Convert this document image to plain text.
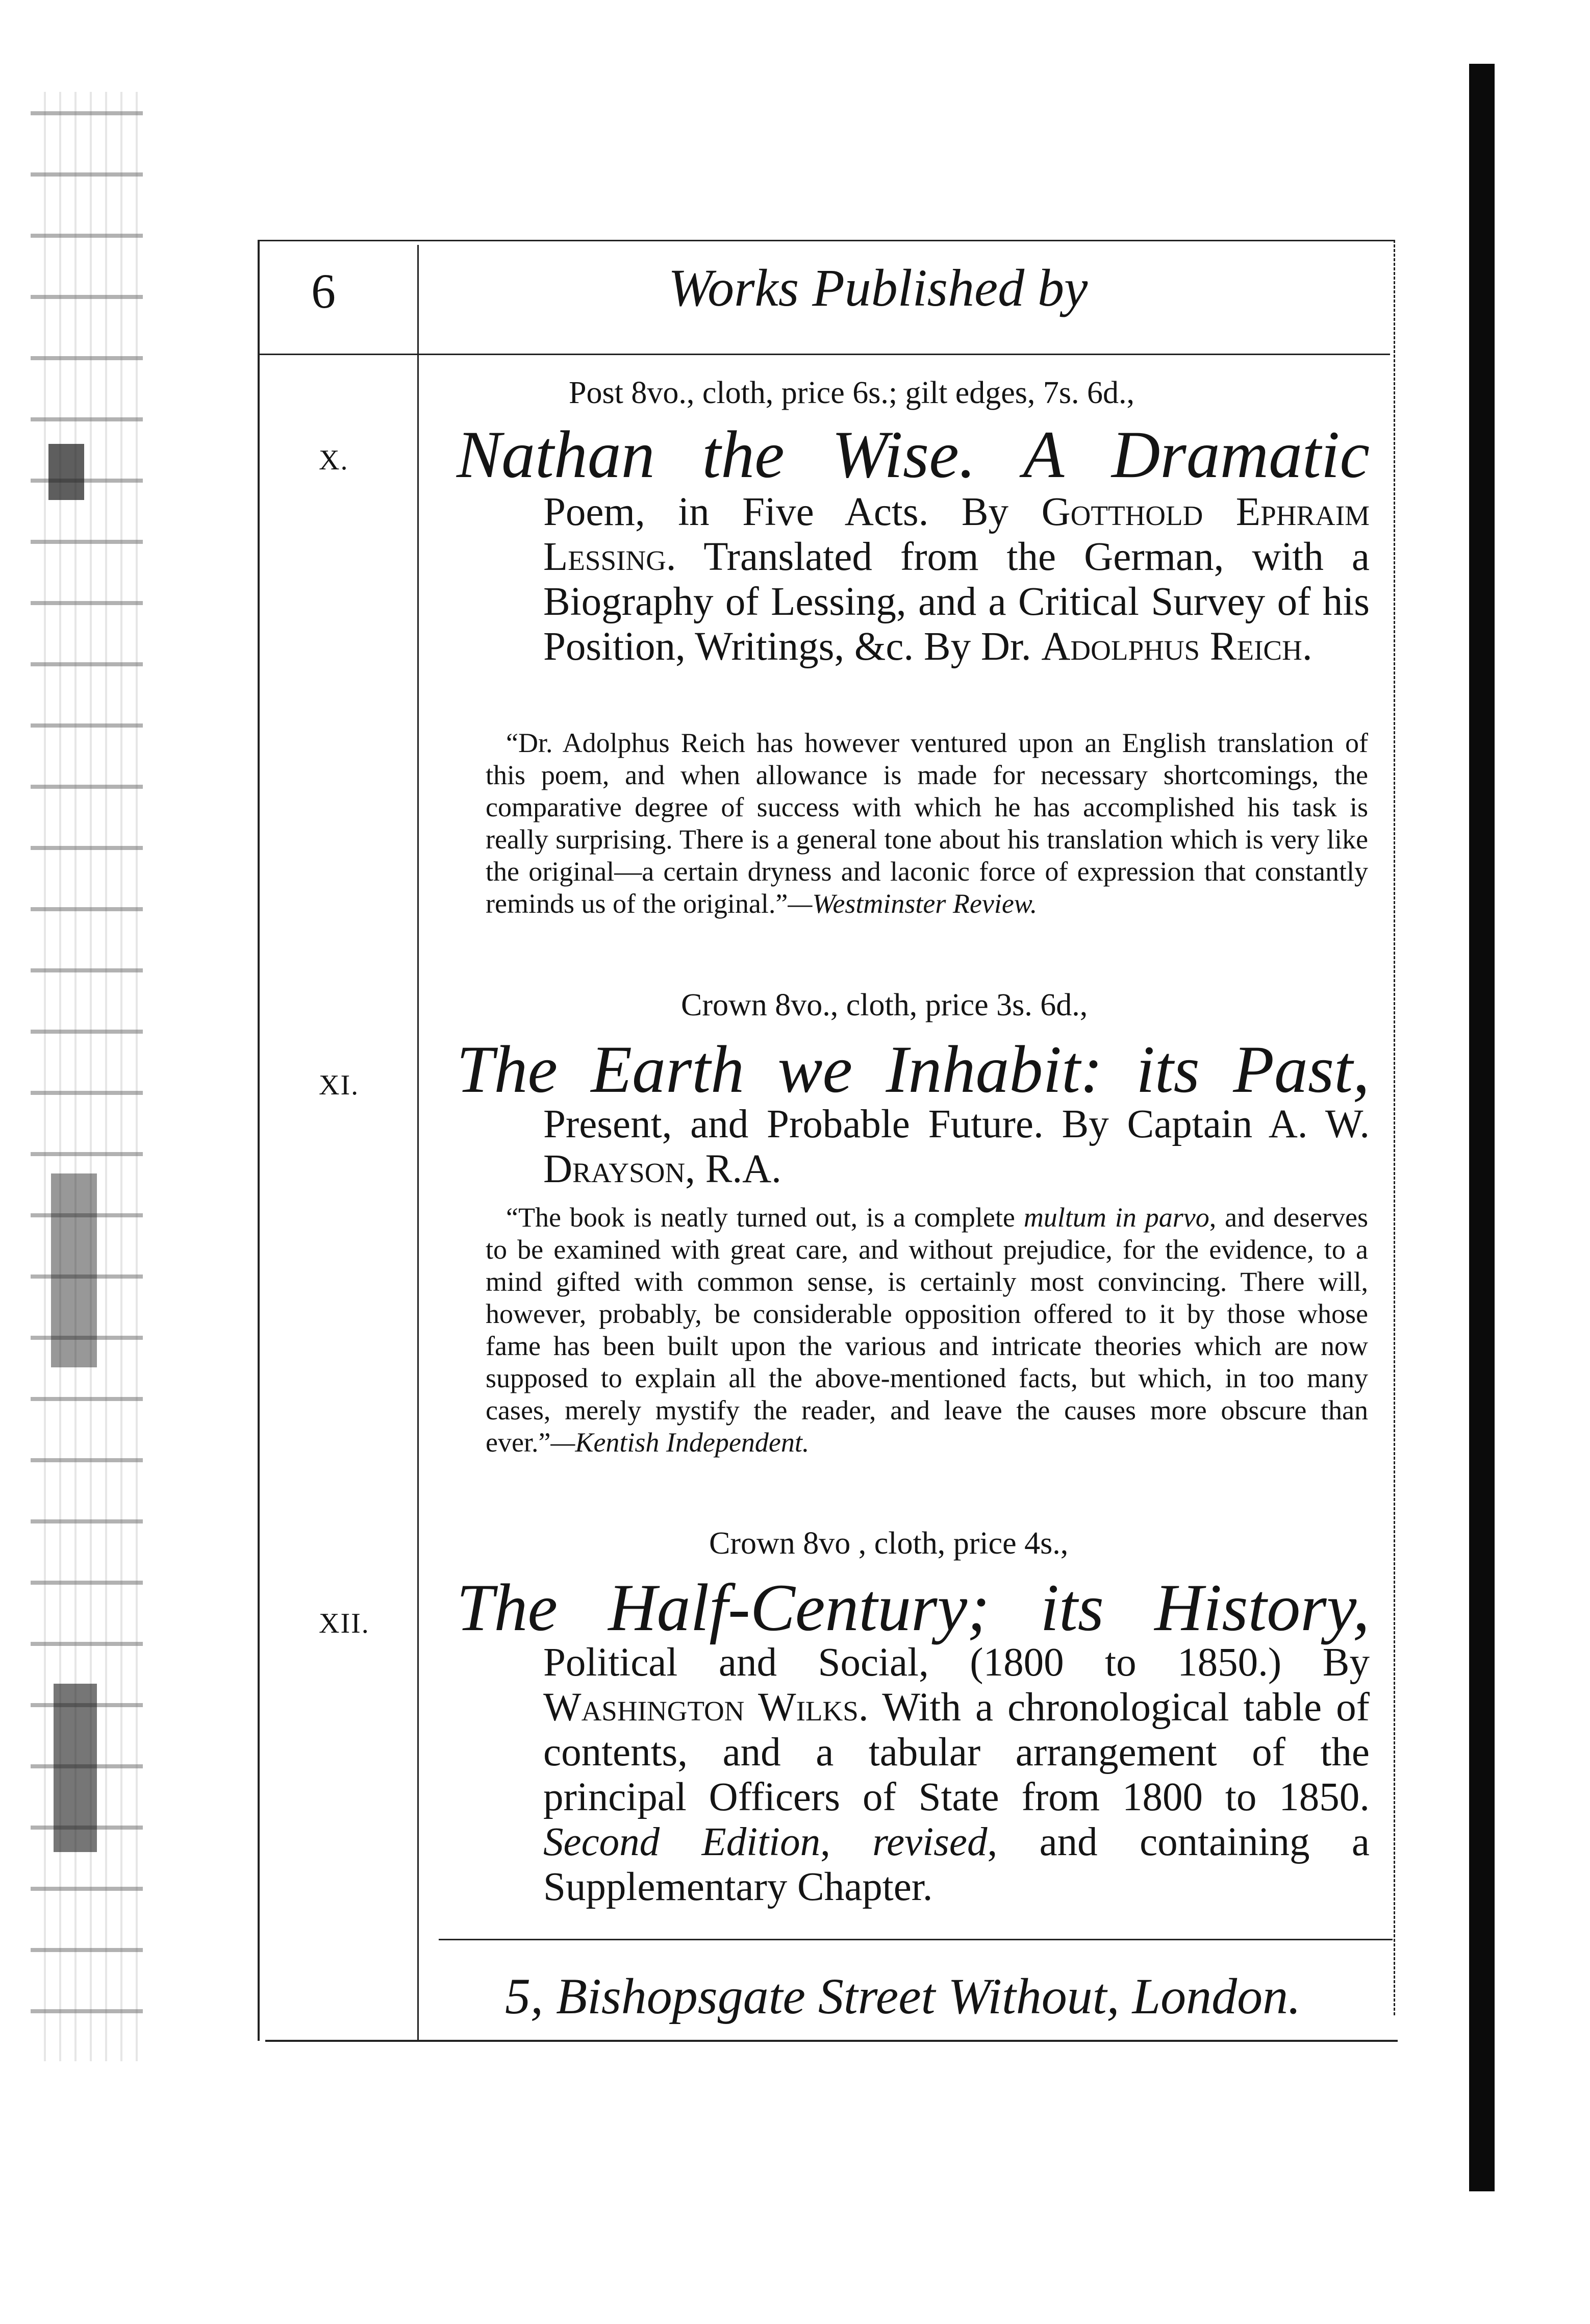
6	Works Published by
X.
Post 8vo., cloth, price 6s.; gilt edges, 7s. 6d.,
Nathan the Wise. A Dramatic
Poem, in Five Acts. By Gotthold Ephraim Lessing. Translated from the German, with a Biography of Lessing, and a Critical Survey of his Position, Writings, &c. By Dr. Adolphus Reich.
“Dr. Adolphus Reich has however ventured upon an English translation of this poem, and when allowance is made for necessary shortcomings, the comparative degree of success with which he has accomplished his task is really surprising. There is a general tone about his translation which is very like the original—a certain dryness and laconic force of expression that constantly reminds us of the original.”—Westminster Review.
XI.
Crown 8vo., cloth, price 3s. 6d.,
The Earth we Inhabit: its Past,
Present, and Probable Future. By Captain A. W. Drayson, R.A.
“The book is neatly turned out, is a complete multum in parvo, and deserves to be examined with great care, and without prejudice, for the evidence, to a mind gifted with common sense, is certainly most convincing. There will, however, probably, be considerable opposition offered to it by those whose fame has been built upon the various and intricate theories which are now supposed to explain all the above-mentioned facts, but which, in too many cases, merely mystify the reader, and leave the causes more obscure than ever.”—Kentish Independent.
XII.
Crown 8vo , cloth, price 4s.,
The Half-Century; its History,
Political and Social, (1800 to 1850.) By Washington Wilks. With a chronological table of contents, and a tabular arrangement of the principal Officers of State from 1800 to 1850. Second Edition, revised, and containing a Supplementary Chapter.
5, Bishopsgate Street Without, London.
